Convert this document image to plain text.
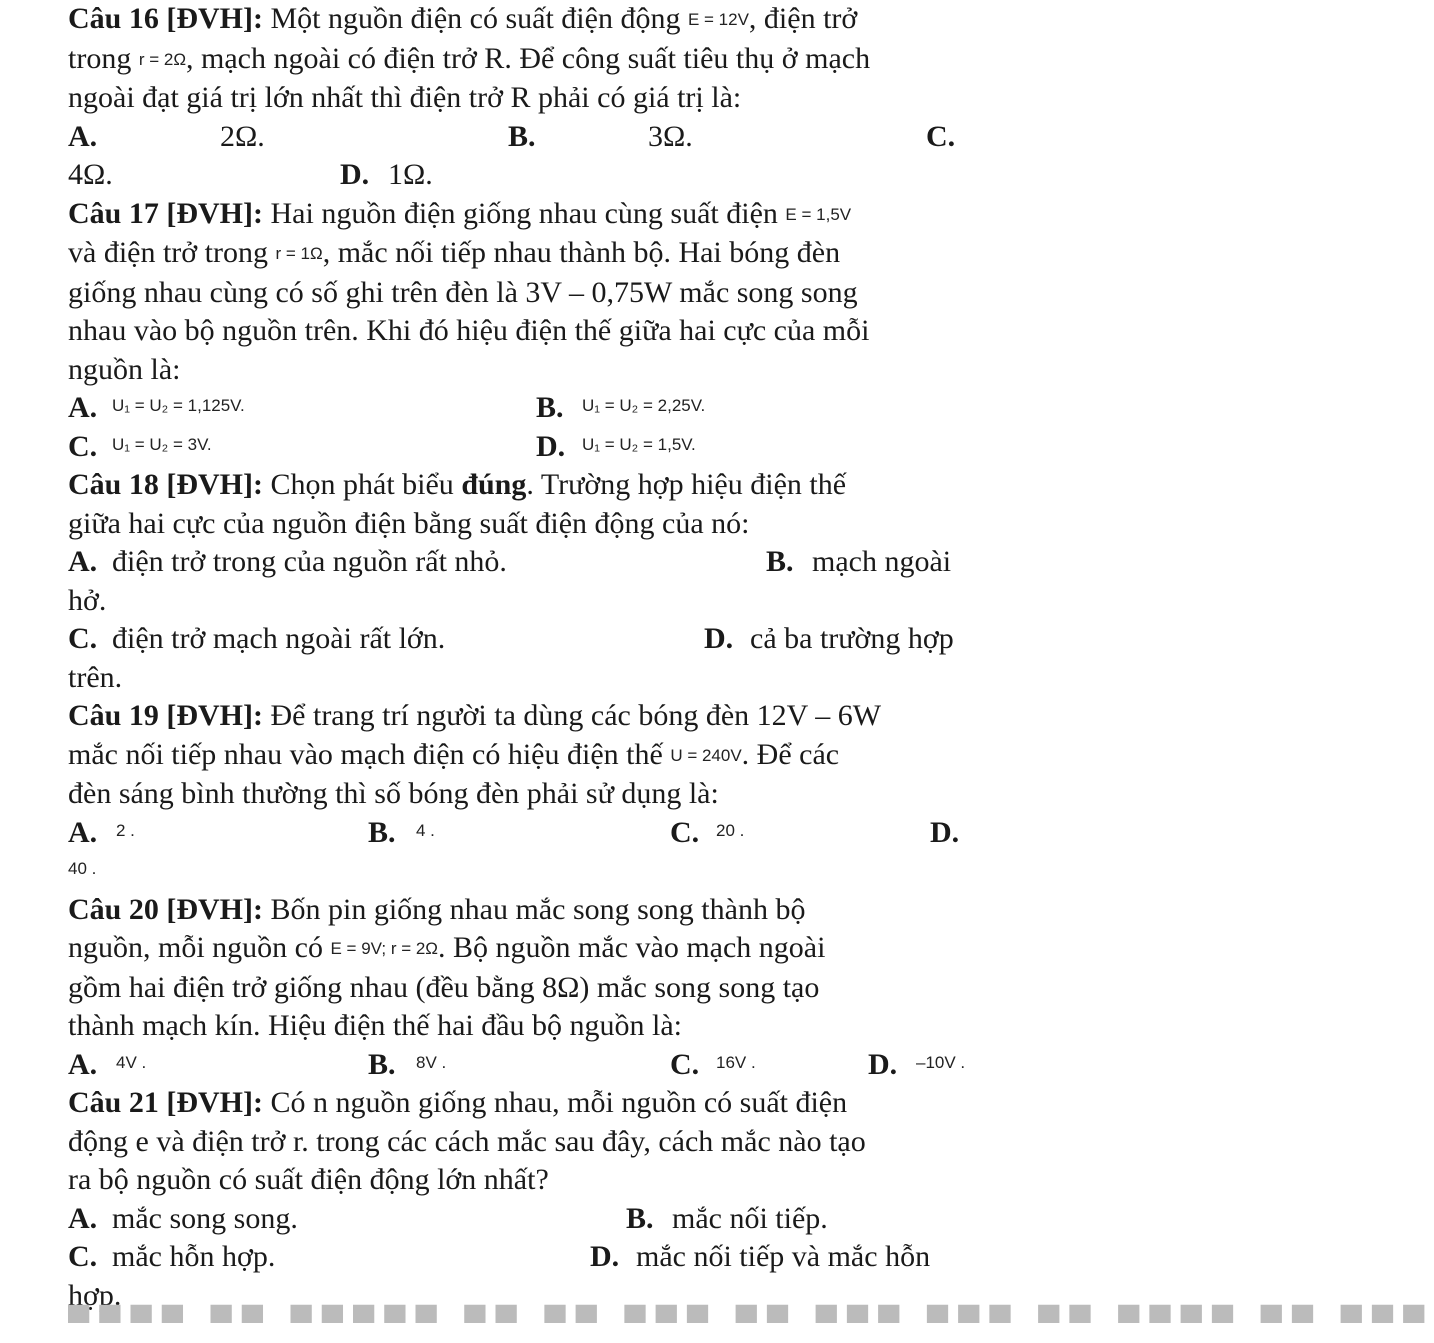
Câu 16 [ĐVH]: Một nguồn điện có suất điện động E = 12V, điện trở

trong r = 2Ω, mạch ngoài có điện trở R. Để công suất tiêu thụ ở mạch

ngoài đạt giá trị lớn nhất thì điện trở R phải có giá trị là:

A.	2Ω.	B.	3Ω.	C.
4Ω.	D. 1Ω.

Câu 17 [ĐVH]: Hai nguồn điện giống nhau cùng suất điện E = 1,5V

và điện trở trong r = 1Ω, mắc nối tiếp nhau thành bộ. Hai bóng đèn

giống nhau cùng có số ghi trên đèn là 3V – 0,75W mắc song song

nhau vào bộ nguồn trên. Khi đó hiệu điện thế giữa hai cực của mỗi

nguồn là:

A. U₁ = U₂ = 1,125V.	B. U₁ = U₂ = 2,25V.
C. U₁ = U₂ = 3V.	D. U₁ = U₂ = 1,5V.

Câu 18 [ĐVH]: Chọn phát biểu đúng. Trường hợp hiệu điện thế

giữa hai cực của nguồn điện bằng suất điện động của nó:

A. điện trở trong của nguồn rất nhỏ.	B. mạch ngoài

hở.

C. điện trở mạch ngoài rất lớn.	D. cả ba trường hợp

trên.

Câu 19 [ĐVH]: Để trang trí người ta dùng các bóng đèn 12V – 6W

mắc nối tiếp nhau vào mạch điện có hiệu điện thế U = 240V. Để các

đèn sáng bình thường thì số bóng đèn phải sử dụng là:

A. 2 .	B. 4 .	C. 20 .	D.
40 .

Câu 20 [ĐVH]: Bốn pin giống nhau mắc song song thành bộ

nguồn, mỗi nguồn có E = 9V; r = 2Ω. Bộ nguồn mắc vào mạch ngoài

gồm hai điện trở giống nhau (đều bằng 8Ω) mắc song song tạo

thành mạch kín. Hiệu điện thế hai đầu bộ nguồn là:

A. 4V .	B. 8V .	C. 16V .	D. –10V .

Câu 21 [ĐVH]: Có n nguồn giống nhau, mỗi nguồn có suất điện

động e và điện trở r. trong các cách mắc sau đây, cách mắc nào tạo

ra bộ nguồn có suất điện động lớn nhất?

A. mắc song song.	B. mắc nối tiếp.
C. mắc hỗn hợp.	D. mắc nối tiếp và mắc hỗn

hợp.

▀▀▀▀ ▀▀ ▀▀▀▀▀ ▀▀ ▀▀ ▀▀▀ ▀▀ ▀▀▀ ▀▀▀ ▀▀ ▀▀▀▀ ▀▀ ▀▀▀
